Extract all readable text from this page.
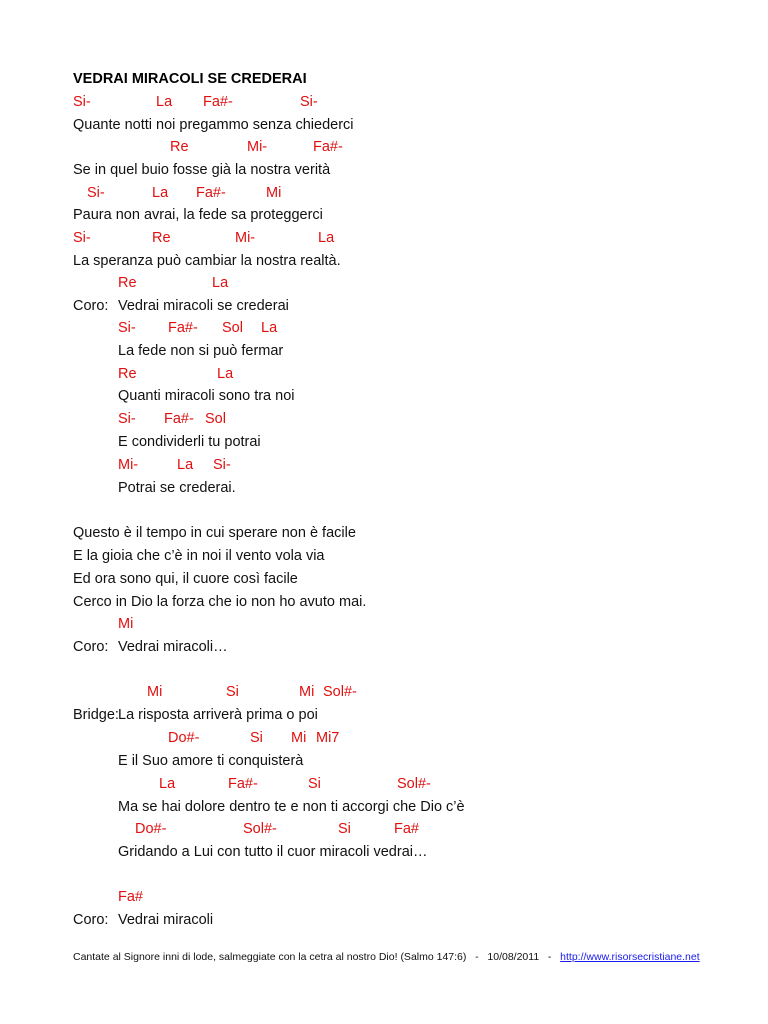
VEDRAI MIRACOLI SE CREDERAI
Si-	La Fa#-	Si-
Quante notti noi pregammo senza chiederci
Re	Mi-	Fa#-
Se in quel buio fosse già la nostra verità
Si-	La Fa#-	Mi
Paura non avrai, la fede sa proteggerci
Si-	Re	Mi-	La
La speranza può cambiar la nostra realtà.
Re	La
Coro: Vedrai miracoli se crederai
Si- Fa#- Sol La
La fede non si può fermar
Re	La
Quanti miracoli sono tra noi
Si- Fa#- Sol
E condividerli tu potrai
Mi-	La Si-
Potrai se crederai.
Questo è il tempo in cui sperare non è facile
E la gioia che c’è in noi il vento vola via
Ed ora sono qui, il cuore così facile
Cerco in Dio la forza che io non ho avuto mai.
Mi
Coro: Vedrai miracoli…
Mi	Si	Mi Sol#-
Bridge: La risposta arriverà prima o poi
Do#-	Si Mi Mi7
E il Suo amore ti conquisterà
La	Fa#-	Si	Sol#-
Ma se hai dolore dentro te e non ti accorgi che Dio c’è
Do#-	Sol#-	Si	Fa#
Gridando a Lui con tutto il cuor miracoli vedrai…
Fa#
Coro: Vedrai miracoli
Cantate al Signore inni di lode, salmeggiate con la cetra al nostro Dio! (Salmo 147:6)   -   10/08/2011   -   http://www.risorsecristiane.net
